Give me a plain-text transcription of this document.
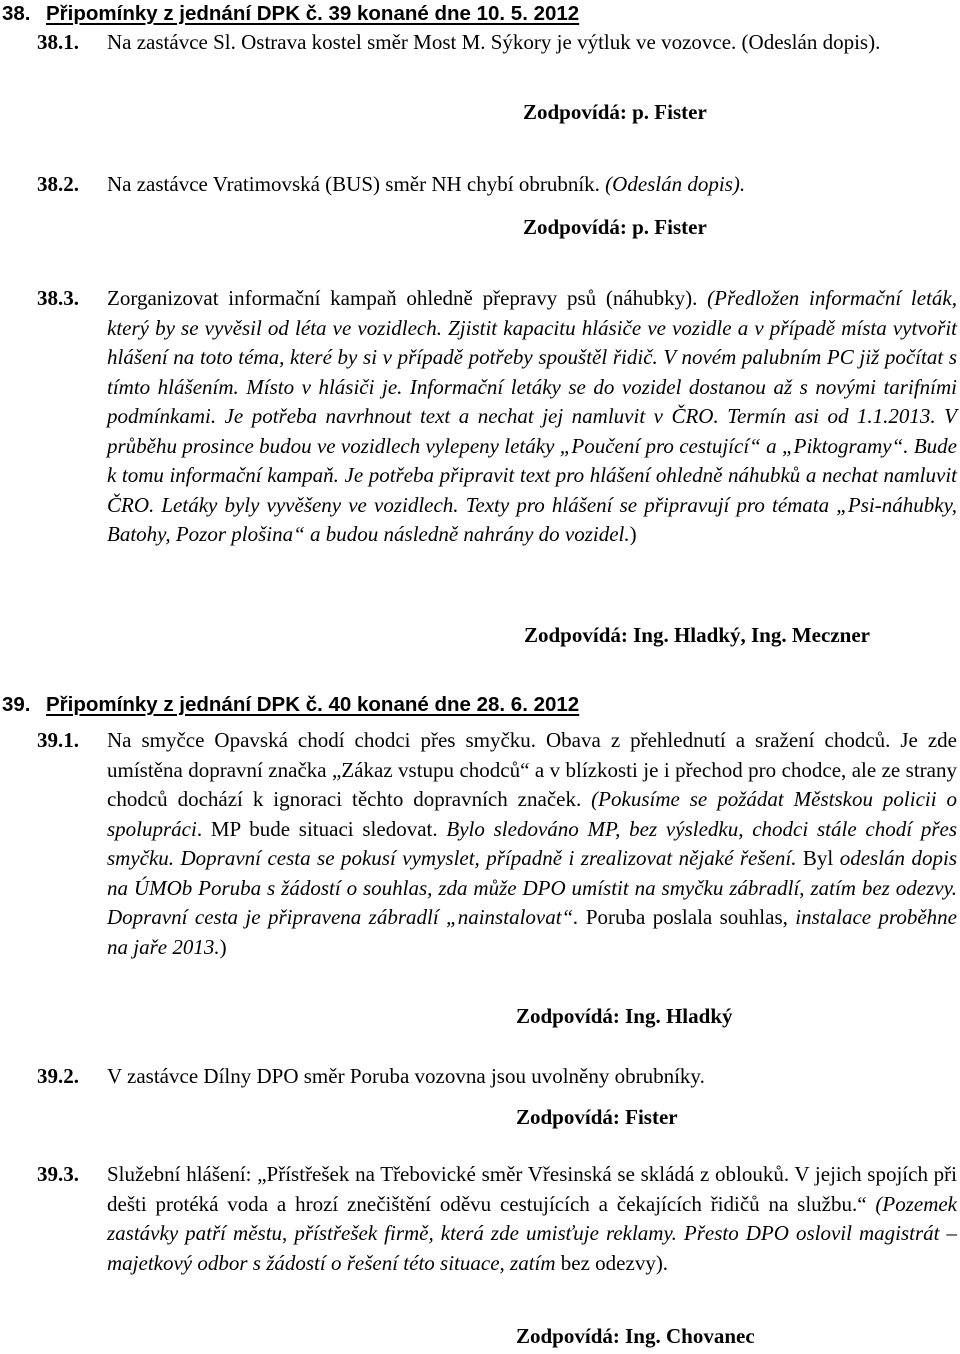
38. Připomínky z jednání DPK č. 39 konané dne 10. 5. 2012
38.1. Na zastávce Sl. Ostrava kostel směr Most M. Sýkory je výtluk ve vozovce. (Odeslán dopis).
Zodpovídá: p. Fister
38.2. Na zastávce Vratimovská (BUS) směr NH chybí obrubník. (Odeslán dopis).
Zodpovídá: p. Fister
38.3. Zorganizovat informační kampaň ohledně přepravy psů (náhubky). (Předložen informační leták, který by se vyvěsil od léta ve vozidlech. Zjistit kapacitu hlásiče ve vozidle a v případě místa vytvořit hlášení na toto téma, které by si v případě potřeby spouštěl řidič. V novém palubním PC již počítat s tímto hlášením. Místo v hlásiči je. Informační letáky se do vozidel dostanou až s novými tarifními podmínkami. Je potřeba navrhnout text a nechat jej namluvit v ČRO. Termín asi od 1.1.2013. V průběhu prosince budou ve vozidlech vylepeny letáky „Poučení pro cestující“ a „Piktogramy“. Bude k tomu informační kampaň. Je potřeba připravit text pro hlášení ohledně náhubků a nechat namluvit ČRO. Letáky byly vyvěšeny ve vozidlech. Texty pro hlášení se připravují pro témata „Psi-náhubky, Batohy, Pozor plošina“ a budou následně nahrány do vozidel.)
Zodpovídá: Ing. Hladký, Ing. Meczner
39. Připomínky z jednání DPK č. 40 konané dne 28. 6. 2012
39.1. Na smyčce Opavská chodí chodci přes smyčku. Obava z přehlednutí a sražení chodců. Je zde umístěna dopravní značka „Zákaz vstupu chodců“ a v blízkosti je i přechod pro chodce, ale ze strany chodců dochází k ignoraci těchto dopravních značek. (Pokusíme se požádat Městskou policii o spolupráci. MP bude situaci sledovat. Bylo sledováno MP, bez výsledku, chodci stále chodí přes smyčku. Dopravní cesta se pokusí vymyslet, případně i zrealizovat nějaké řešení. Byl odeslán dopis na ÚMOb Poruba s žádostí o souhlas, zda může DPO umístit na smyčku zábradlí, zatím bez odezvy. Dopravní cesta je připravena zábradlí „nainstalovat“. Poruba poslala souhlas, instalace proběhne na jaře 2013.)
Zodpovídá: Ing. Hladký
39.2. V zastávce Dílny DPO směr Poruba vozovna jsou uvolněny obrubníky.
Zodpovídá: Fister
39.3. Služební hlášení: „Přístřešek na Třebovické směr Vřesinská se skládá z oblouků. V jejich spojích při dešti protéká voda a hrozí znečištění oděvu cestujících a čekajících řidičů na službu.“ (Pozemek zastávky patří městu, přístřešek firmě, která zde umisťuje reklamy. Přesto DPO oslovil magistrát – majetkový odbor s žádostí o řešení této situace, zatím bez odezvy).
Zodpovídá: Ing. Chovanec
